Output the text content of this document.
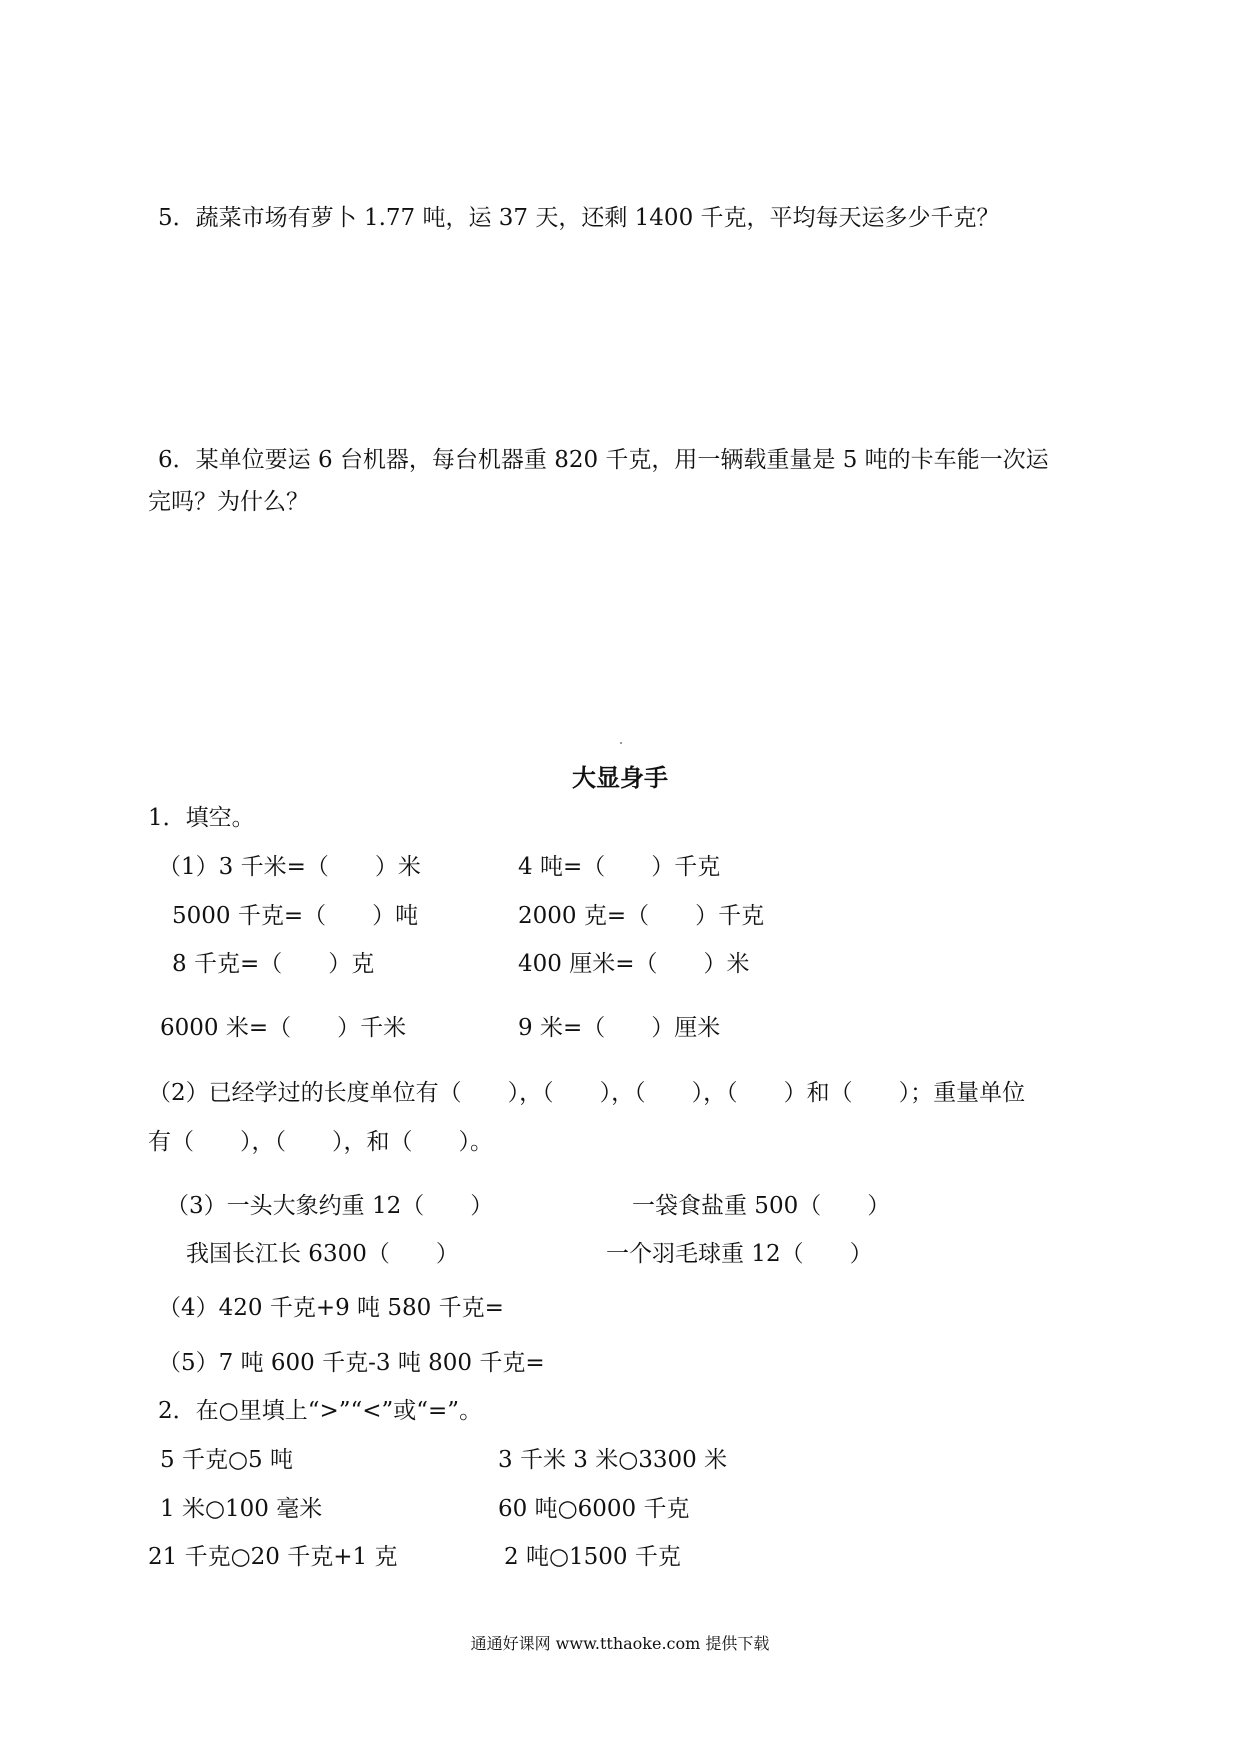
5．蔬菜市场有萝卜 1.77 吨，运 37 天，还剩 1400 千克，平均每天运多少千克？
6．某单位要运 6 台机器，每台机器重 820 千克，用一辆载重量是 5 吨的卡车能一次运
完吗？为什么？
大显身手
1．填空。
（1）3 千米=（　　）米	4 吨=（　　）千克
5000 千克=（　　）吨	2000 克=（　　）千克
8 千克=（　　）克	400 厘米=（　　）米
6000 米=（　　）千米	9 米=（　　）厘米
（2）已经学过的长度单位有（　　），（　　），（　　），（　　）和（　　）；重量单位
有（　　），（　　），和（　　）。
（3）一头大象约重 12（　　）	一袋食盐重 500（　　）
我国长江长 6300（　　）	一个羽毛球重 12（　　）
（4）420 千克+9 吨 580 千克=
（5）7 吨 600 千克-3 吨 800 千克=
2．在○里填上“>”“<”或“=”。
5 千克○5 吨	3 千米 3 米○3300 米
1 米○100 毫米	60 吨○6000 千克
21 千克○20 千克+1 克	2 吨○1500 千克
通通好课网 www.tthaoke.com 提供下载
